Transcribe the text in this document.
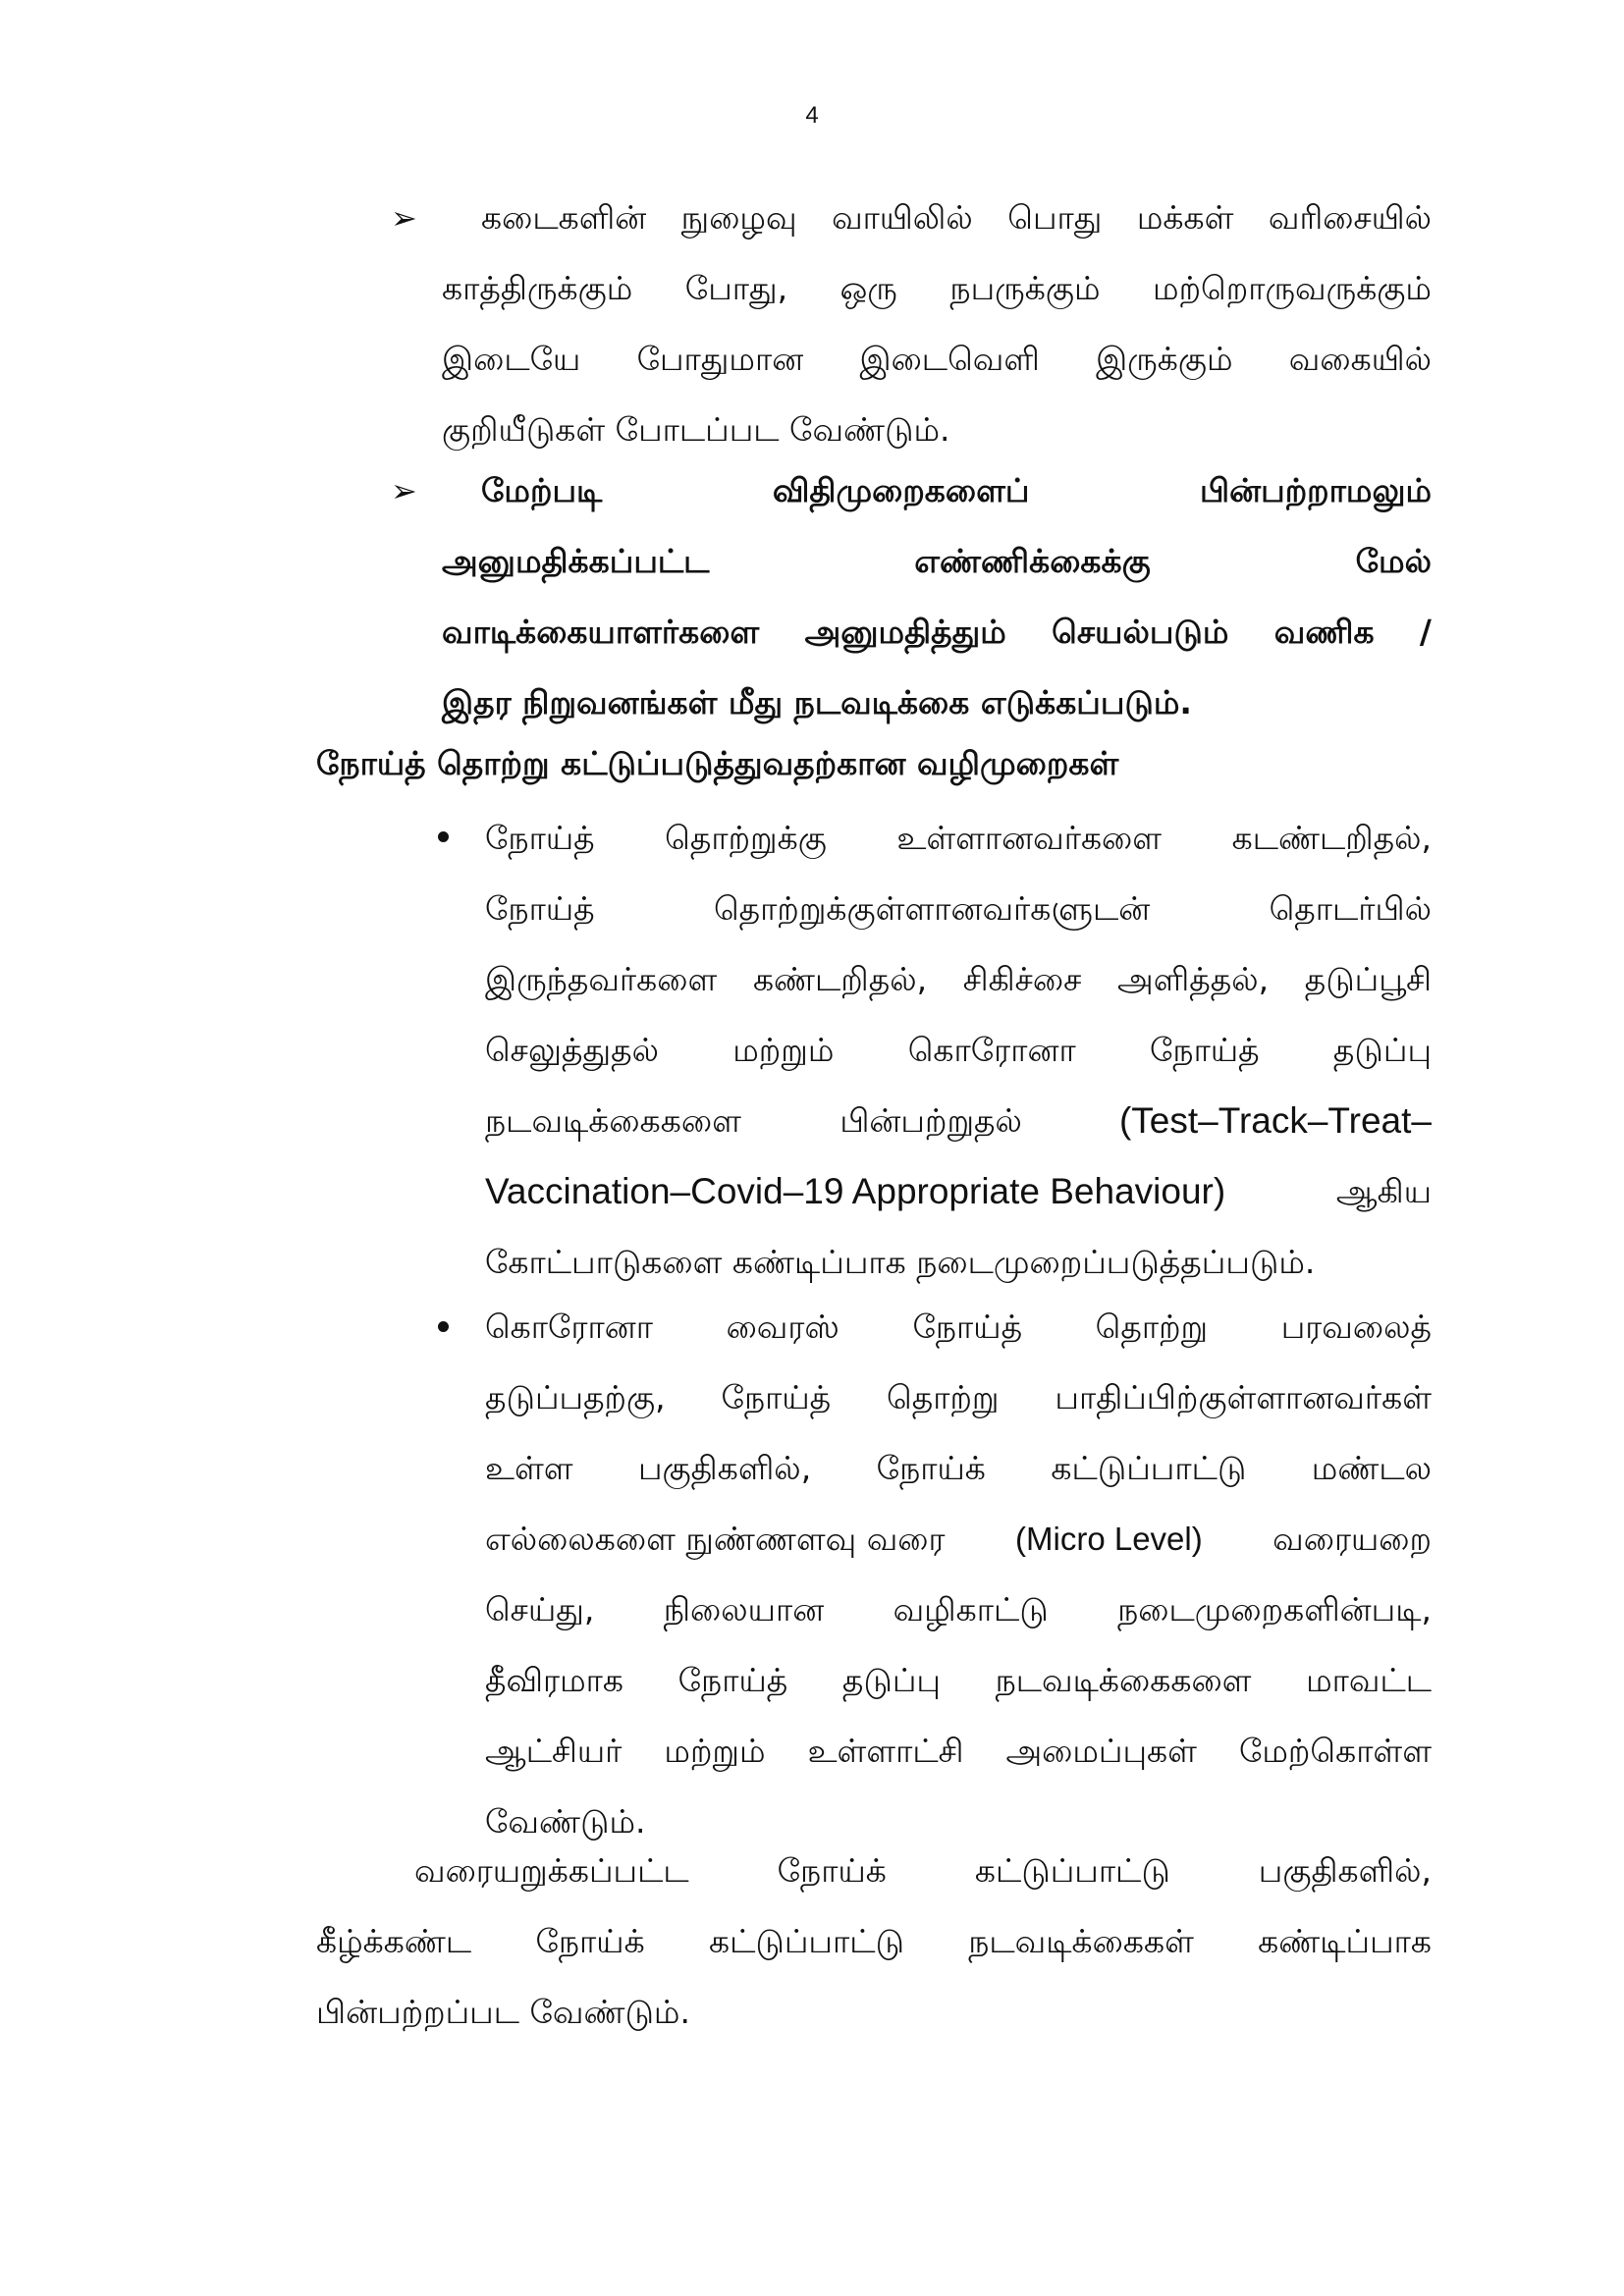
4
➢	கடைகளின் நுழைவு வாயிலில் பொது மக்கள் வரிசையில்
காத்திருக்கும் போது, ஒரு நபருக்கும் மற்றொருவருக்கும்
இடையே போதுமான இடைவெளி இருக்கும் வகையில்
குறியீடுகள் போடப்பட வேண்டும்.
➢	மேற்படி விதிமுறைகளைப் பின்பற்றாமலும்
அனுமதிக்கப்பட்ட எண்ணிக்கைக்கு மேல்
வாடிக்கையாளர்களை அனுமதித்தும் செயல்படும் வணிக /
இதர நிறுவனங்கள் மீது நடவடிக்கை எடுக்கப்படும்.
நோய்த் தொற்று கட்டுப்படுத்துவதற்கான வழிமுறைகள்
நோய்த் தொற்றுக்கு உள்ளானவர்களை கடண்டறிதல்,
நோய்த் தொற்றுக்குள்ளானவர்களுடன் தொடர்பில்
இருந்தவர்களை கண்டறிதல், சிகிச்சை அளித்தல், தடுப்பூசி
செலுத்துதல் மற்றும் கொரோனா நோய்த் தடுப்பு
நடவடிக்கைகளை பின்பற்றுதல்	(Test–Track–Treat–
Vaccination–Covid–19 Appropriate Behaviour)	ஆகிய
கோட்பாடுகளை கண்டிப்பாக நடைமுறைப்படுத்தப்படும்.
கொரோனா வைரஸ் நோய்த் தொற்று பரவலைத்
தடுப்பதற்கு, நோய்த் தொற்று பாதிப்பிற்குள்ளானவர்கள்
உள்ள பகுதிகளில், நோய்க் கட்டுப்பாட்டு மண்டல
எல்லைகளை நுண்ணளவு வரை (Micro Level) வரையறை
செய்து, நிலையான வழிகாட்டு நடைமுறைகளின்படி,
தீவிரமாக நோய்த் தடுப்பு நடவடிக்கைகளை மாவட்ட
ஆட்சியர் மற்றும் உள்ளாட்சி அமைப்புகள் மேற்கொள்ள
வேண்டும்.
வரையறுக்கப்பட்ட நோய்க் கட்டுப்பாட்டு பகுதிகளில்,
கீழ்க்கண்ட நோய்க் கட்டுப்பாட்டு நடவடிக்கைகள் கண்டிப்பாக
பின்பற்றப்பட வேண்டும்.
